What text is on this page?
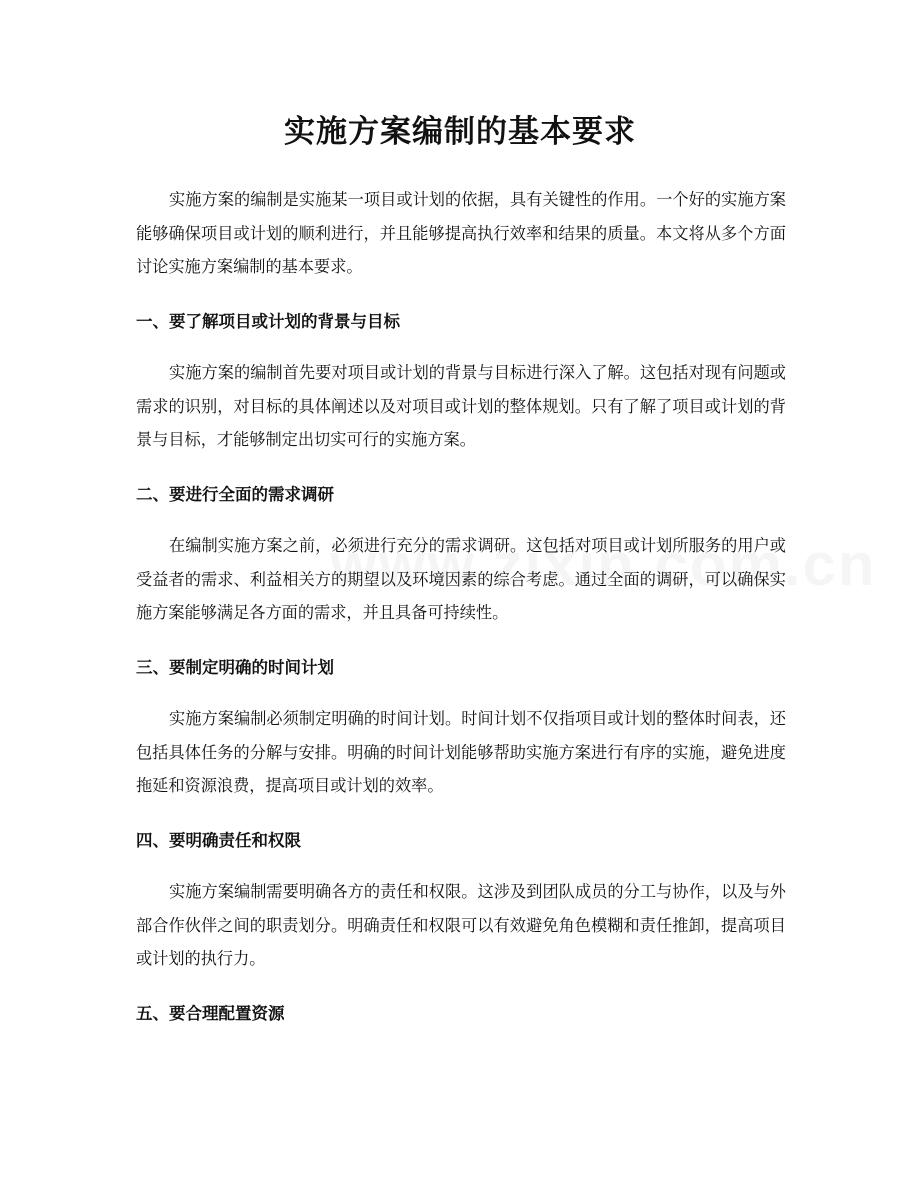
实施方案编制的基本要求

实施方案的编制是实施某一项目或计划的依据，具有关键性的作用。一个好的实施方案能够确保项目或计划的顺利进行，并且能够提高执行效率和结果的质量。本文将从多个方面讨论实施方案编制的基本要求。

一、要了解项目或计划的背景与目标

实施方案的编制首先要对项目或计划的背景与目标进行深入了解。这包括对现有问题或需求的识别，对目标的具体阐述以及对项目或计划的整体规划。只有了解了项目或计划的背景与目标，才能够制定出切实可行的实施方案。

二、要进行全面的需求调研

在编制实施方案之前，必须进行充分的需求调研。这包括对项目或计划所服务的用户或受益者的需求、利益相关方的期望以及环境因素的综合考虑。通过全面的调研，可以确保实施方案能够满足各方面的需求，并且具备可持续性。

三、要制定明确的时间计划

实施方案编制必须制定明确的时间计划。时间计划不仅指项目或计划的整体时间表，还包括具体任务的分解与安排。明确的时间计划能够帮助实施方案进行有序的实施，避免进度拖延和资源浪费，提高项目或计划的效率。

四、要明确责任和权限

实施方案编制需要明确各方的责任和权限。这涉及到团队成员的分工与协作，以及与外部合作伙伴之间的职责划分。明确责任和权限可以有效避免角色模糊和责任推卸，提高项目或计划的执行力。

五、要合理配置资源
